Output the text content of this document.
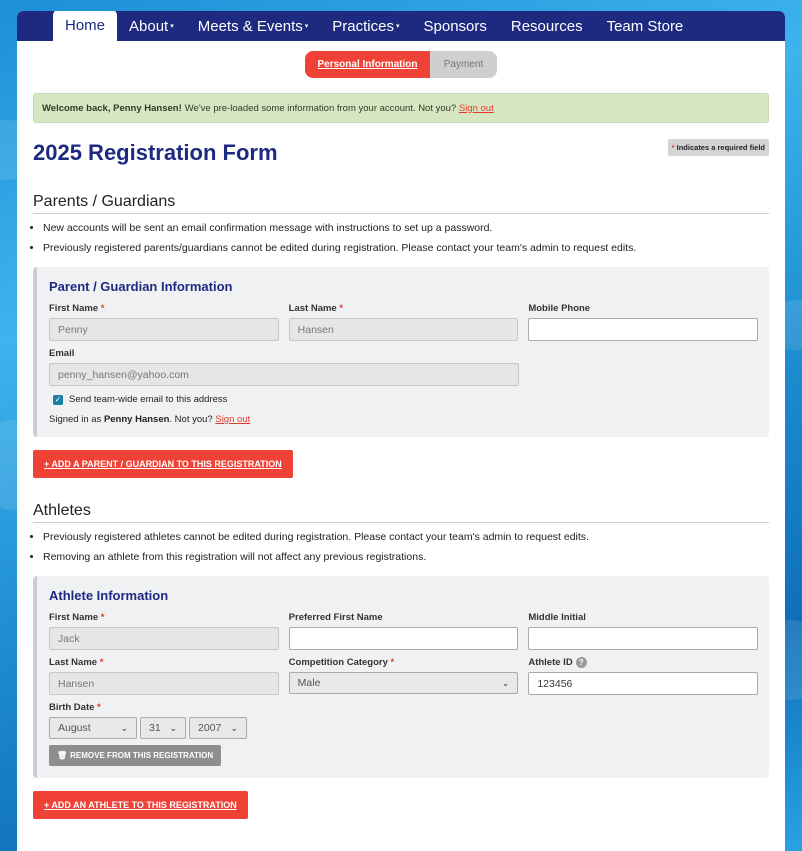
Home About ▾ Meets & Events ▾ Practices ▾ Sponsors Resources Team Store
Personal Information	Payment
Welcome back, Penny Hansen! We've pre-loaded some information from your account. Not you?
Sign out
2025 Registration Form	* Indicates a required field
Parents / Guardians
• New accounts will be sent an email confirmation message with instructions to set up a password.
• Previously registered parents/guardians cannot be edited during registration. Please contact your team's admin to request edits.
Parent / Guardian Information
First Name *
Penny
Last Name *
Hansen
Mobile Phone
Email
penny_hansen@yahoo.com
✓ Send team-wide email to this address
Signed in as Penny Hansen. Not you? Sign out
+ ADD A PARENT / GUARDIAN TO THIS REGISTRATION
Athletes
• Previously registered athletes cannot be edited during registration. Please contact your team's admin to request edits.
• Removing an athlete from this registration will not affect any previous registrations.
Athlete Information
First Name *
Jack
Preferred First Name	Middle Initial
Last Name *
Hansen
Competition Category *
Male	⌄
Athlete ID ?
123456
Birth Date *
August	⌄ 31 ⌄ 2007 ⌄
🗑 REMOVE FROM THIS REGISTRATION
+ ADD AN ATHLETE TO THIS REGISTRATION
